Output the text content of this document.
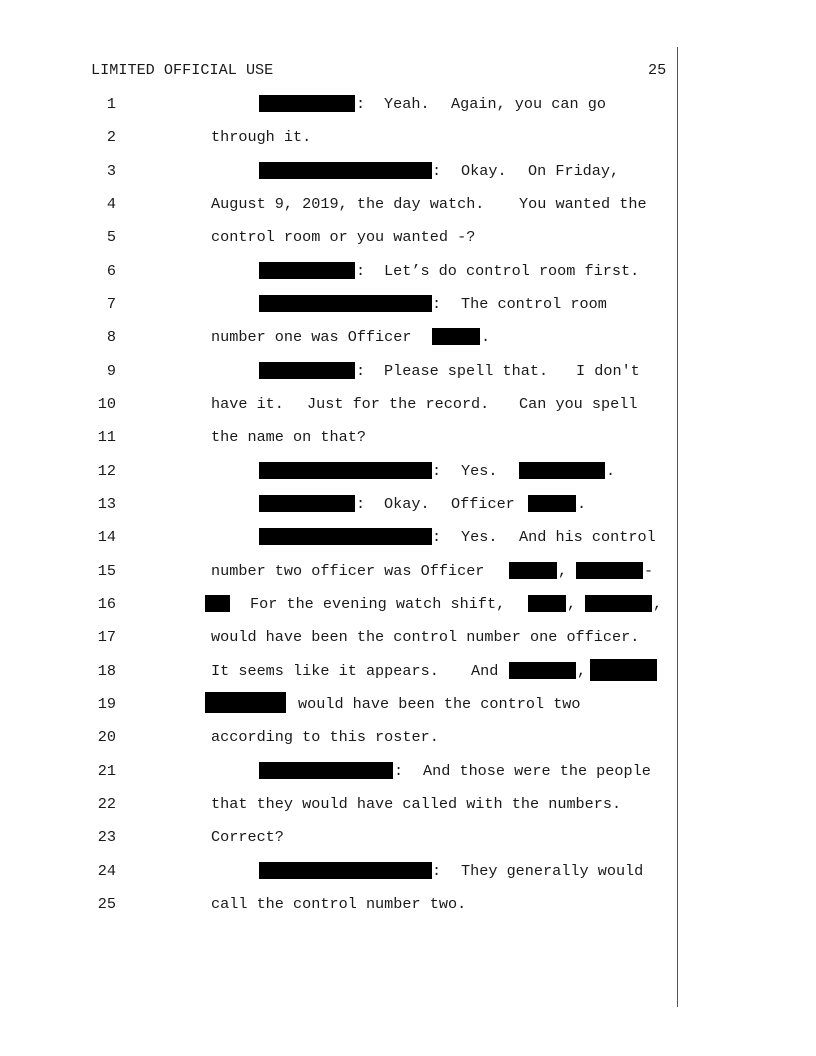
LIMITED OFFICIAL USE	25
1	: Yeah. Again, you can go
2	through it.
3	: Okay. On Friday,
4	August 9, 2019, the day watch. You wanted the
5	control room or you wanted -?
6	: Let’s do control room first.
7	: The control room
8	number one was Officer	.
9	: Please spell that. I don't
10	have it. Just for the record. Can you spell
11	the name on that?
12	: Yes.	.
13	: Okay. Officer	.
14	: Yes. And his control
15	number two officer was Officer	,	-
16	For the evening watch shift,	,	,
17	would have been the control number one officer.
18	It seems like it appears. And	,
19	would have been the control two
20	according to this roster.
21	: And those were the people
22	that they would have called with the numbers.
23	Correct?
24	: They generally would
25	call the control number two.
